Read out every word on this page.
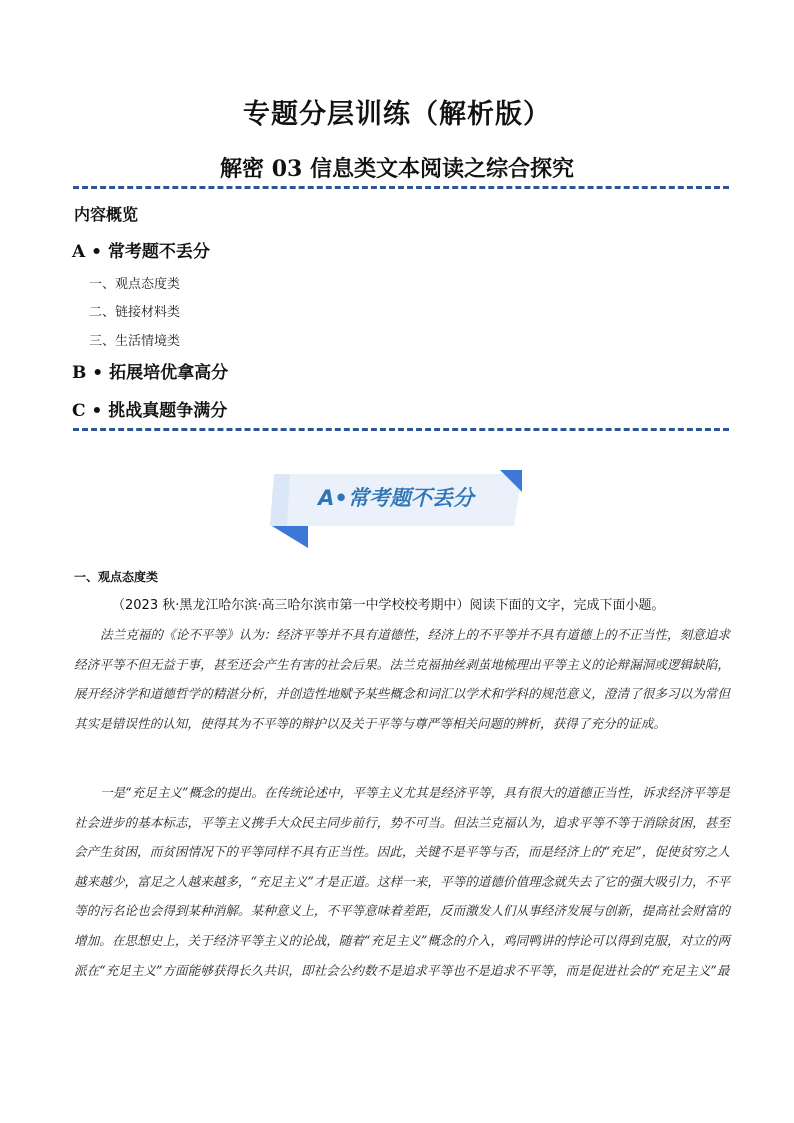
专题分层训练（解析版）
解密 03 信息类文本阅读之综合探究
内容概览
A • 常考题不丢分
一、观点态度类
二、链接材料类
三、生活情境类
B • 拓展培优拿高分
C • 挑战真题争满分
A•常考题不丢分
一、观点态度类
（2023 秋·黑龙江哈尔滨·高三哈尔滨市第一中学校校考期中）阅读下面的文字，完成下面小题。

法兰克福的《论不平等》认为：经济平等并不具有道德性，经济上的不平等并不具有道德上的不正当性，刻意追求经济平等不但无益于事，甚至还会产生有害的社会后果。法兰克福抽丝剥茧地梳理出平等主义的论辩漏洞或逻辑缺陷，展开经济学和道德哲学的精湛分析，并创造性地赋予某些概念和词汇以学术和学科的规范意义，澄清了很多习以为常但其实是错误性的认知，使得其为不平等的辩护以及关于平等与尊严等相关问题的辨析，获得了充分的证成。

一是“充足主义”概念的提出。在传统论述中，平等主义尤其是经济平等，具有很大的道德正当性，诉求经济平等是社会进步的基本标志，平等主义携手大众民主同步前行，势不可当。但法兰克福认为，追求平等不等于消除贫困，甚至会产生贫困，而贫困情况下的平等同样不具有正当性。因此，关键不是平等与否，而是经济上的“充足”，促使贫穷之人越来越少，富足之人越来越多，“充足主义”才是正道。这样一来，平等的道德价值理念就失去了它的强大吸引力，不平等的污名论也会得到某种消解。某种意义上，不平等意味着差距，反而激发人们从事经济发展与创新，提高社会财富的增加。在思想史上，关于经济平等主义的论战，随着“充足主义”概念的介入，鸡同鸭讲的悖论可以得到克服，对立的两派在“充足主义”方面能够获得长久共识，即社会公约数不是追求平等也不是追求不平等，而是促进社会的“充足主义”最
